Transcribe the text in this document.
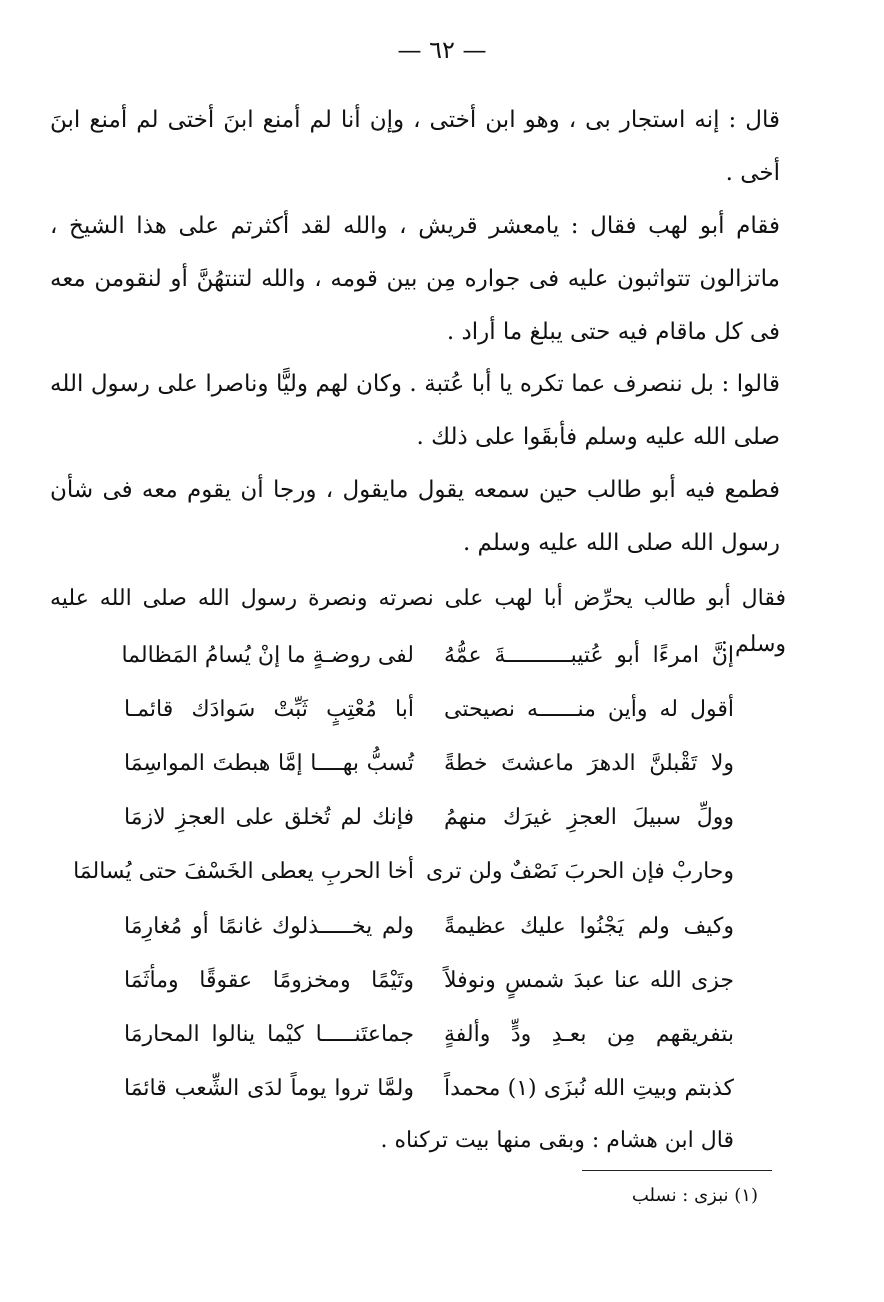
— ٦٢ —

قال : إنه استجار بى ، وهو ابن أختى ، وإن أنا لم أمنع ابنَ أختى لم أمنع ابنَ أخى .

فقام أبو لهب فقال : يامعشر قريش ، والله لقد أكثرتم على هذا الشيخ ، ماتزالون تتواثبون عليه فى جواره مِن بين قومه ، والله لتنتهُنَّ أو لنقومن معه فى كل ماقام فيه حتى يبلغ ما أراد .

قالوا : بل ننصرف عما تكره يا أبا عُتبة . وكان لهم وليًّا وناصرا على رسول الله صلى الله عليه وسلم فأبقَوا على ذلك .

فطمع فيه أبو طالب حين سمعه يقول مايقول ، ورجا أن يقوم معه فى شأن رسول الله صلى الله عليه وسلم .

فقال أبو طالب يحرِّض أبا لهب على نصرته ونصرة رسول الله صلى الله عليه وسلم :

إنَّ امرءًا أبو عُتيبــــــــــةَ عمُّهُ
لفى روضـةٍ ما إنْ يُسامُ المَظالما
أقول له وأين منــــــه نصيحتى
أبا مُعْتِبٍ ثَبِّتْ سَوادَك قائمـا
ولا تَقْبلنَّ الدهرَ ماعشتَ خطةً
تُسبُّ بهــــا إمَّا هبطتَ المواسِمَا
وولِّ سبيلَ العجزِ غيرَك منهمُ
فإنك لم تُخلق على العجزِ لازمَا
وحاربْ فإن الحربَ نَصْفٌ ولن ترى
أخا الحربِ يعطى الخَسْفَ حتى يُسالمَا
وكيف ولم يَجْنُوا عليك عظيمةً
ولم يخـــــذلوك غانمًا أو مُغارِمَا
جزى الله عنا عبدَ شمسٍ ونوفلاً
وتَيْمًا ومخزومًا عقوقًا ومأثَمَا
بتفريقهم مِن بعـدِ ودٍّ وألفةٍ
جماعتَنـــــا كيْما ينالوا المحارمَا
كذبتم وبيتِ الله نُبزَى (١) محمداً
ولمَّا تروا يوماً لدَى الشِّعب قائمَا

قال ابن هشام : وبقى منها بيت تركناه .

(١) نبزى : نسلب
